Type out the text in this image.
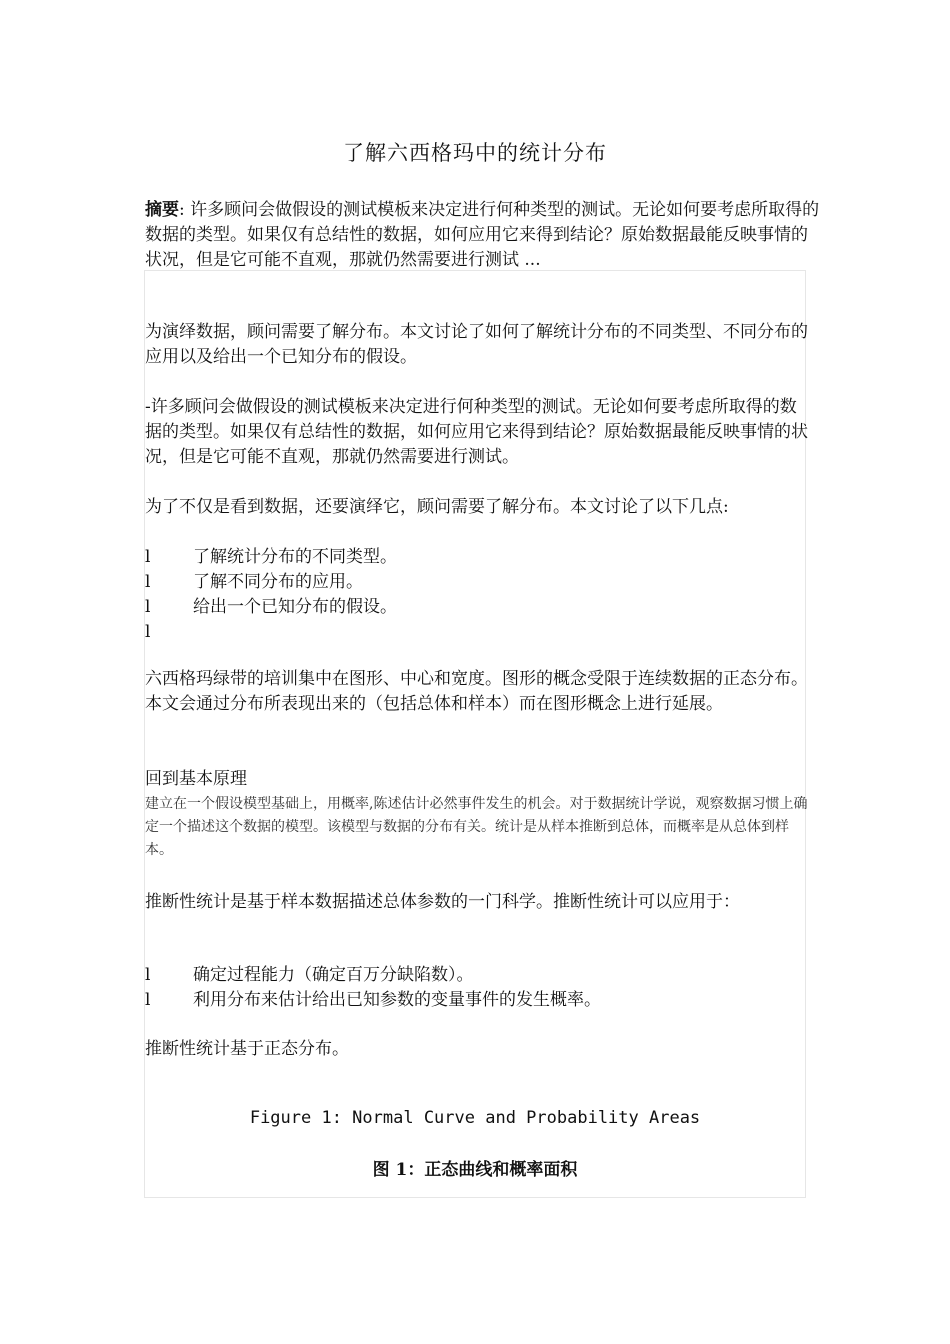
了解六西格玛中的统计分布
摘要: 许多顾问会做假设的测试模板来决定进行何种类型的测试。无论如何要考虑所取得的数据的类型。如果仅有总结性的数据，如何应用它来得到结论？原始数据最能反映事情的状况，但是它可能不直观，那就仍然需要进行测试 ...
为演绎数据，顾问需要了解分布。本文讨论了如何了解统计分布的不同类型、不同分布的应用以及给出一个已知分布的假设。
-许多顾问会做假设的测试模板来决定进行何种类型的测试。无论如何要考虑所取得的数据的类型。如果仅有总结性的数据，如何应用它来得到结论？原始数据最能反映事情的状况，但是它可能不直观，那就仍然需要进行测试。
为了不仅是看到数据，还要演绎它，顾问需要了解分布。本文讨论了以下几点:
l	了解统计分布的不同类型。
l	了解不同分布的应用。
l	给出一个已知分布的假设。
l
六西格玛绿带的培训集中在图形、中心和宽度。图形的概念受限于连续数据的正态分布。本文会通过分布所表现出来的（包括总体和样本）而在图形概念上进行延展。
回到基本原理
建立在一个假设模型基础上，用概率,陈述估计必然事件发生的机会。对于数据统计学说，观察数据习惯上确定一个描述这个数据的模型。该模型与数据的分布有关。统计是从样本推断到总体，而概率是从总体到样本。
推断性统计是基于样本数据描述总体参数的一门科学。推断性统计可以应用于：
l	确定过程能力（确定百万分缺陷数）。
l	利用分布来估计给出已知参数的变量事件的发生概率。
推断性统计基于正态分布。
Figure 1: Normal Curve and Probability Areas
图 1：正态曲线和概率面积
